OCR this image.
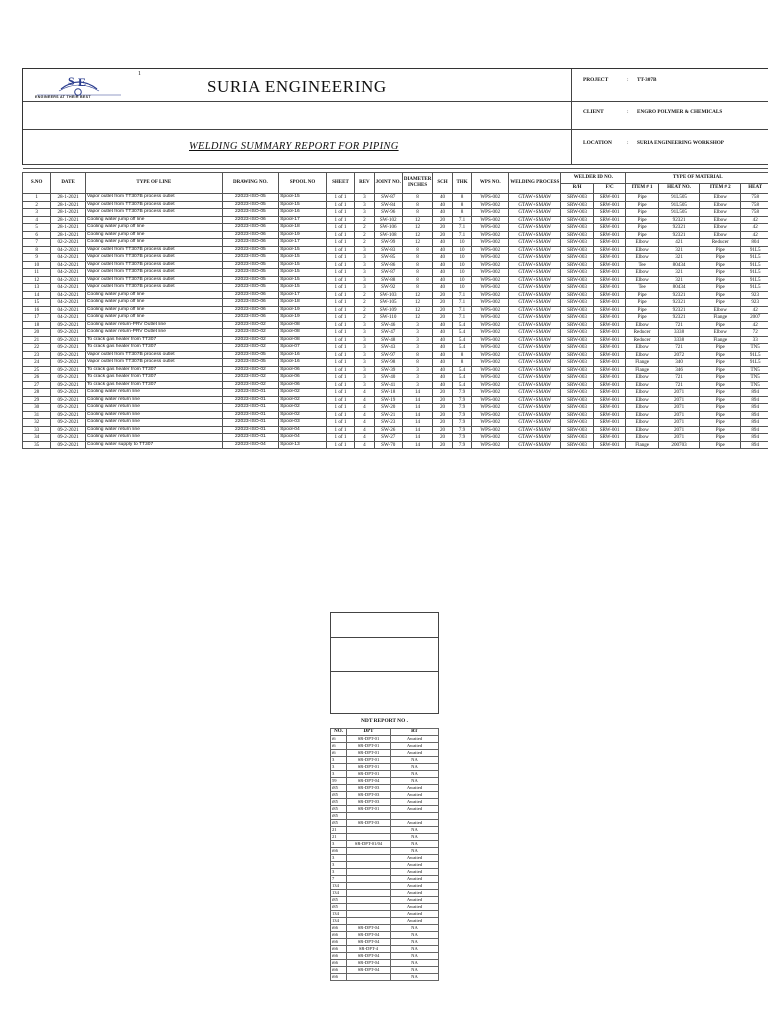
S E
ENGINEERS AT THEIR BEST
1
SURIA ENGINEERING
WELDING SUMMARY REPORT FOR PIPING
PROJECT	: TT-307B
CLIENT	: ENGRO POLYMER & CHEMICALS
LOCATION	: SURIA ENGINEERING WORKSHOP

S.NO	DATE	TYPE OF LINE	DRAWING NO.	SPOOL NO	SHEET	REV	JOINT NO.	DIAMETER INCHES	SCH	THK	WPS NO.	WELDING PROCESS	WELDER ID NO.		TYPE OF MATERIAL			
													R/H	F/C	ITEM # 1	HEAT NO.	ITEM # 2	HEAT
1	28-1-2021	Vapor outlet from TT307B process outlet	22023-ISO-05	Spool-15	1 of 1	3	SW-87	8	40	8	WPS-002	GTAW+SMAW	SRW-003	SRW-001	Pipe	91L505	Elbow	758
2	28-1-2021	Vapor outlet from TT307B process outlet	22023-ISO-05	Spool-15	1 of 1	3	SW-84	8	40	8	WPS-002	GTAW+SMAW	SRW-003	SRW-001	Pipe	91L505	Elbow	758
3	28-1-2021	Vapor outlet from TT307B process outlet	22023-ISO-05	Spool-16	1 of 1	3	SW-96	8	40	8	WPS-002	GTAW+SMAW	SRW-003	SRW-001	Pipe	91L505	Elbow	758
4	28-1-2021	Cooling water jump off line	22023-ISO-06	Spool-17	1 of 1	2	SW-102	12	20	7.1	WPS-002	GTAW+SMAW	SRW-003	SRW-001	Pipe	92321	Elbow	42
5	28-1-2021	Cooling water jump off line	22023-ISO-06	Spool-18	1 of 1	2	SW-106	12	20	7.1	WPS-002	GTAW+SMAW	SRW-003	SRW-001	Pipe	92321	Elbow	42
6	28-1-2021	Cooling water jump off line	22023-ISO-06	Spool-19	1 of 1	2	SW-108	12	20	7.1	WPS-002	GTAW+SMAW	SRW-003	SRW-001	Pipe	92321	Elbow	42
7	02-2-2021	Cooling water jump off line	22023-ISO-06	Spool-17	1 of 1	2	SW-99	12	40	10	WPS-002	GTAW+SMAW	SRW-003	SRW-001	Elbow	421	Reducer	804
8	04-2-2021	Vapor outlet from TT307B process outlet	22023-ISO-05	Spool-15	1 of 1	3	SW-83	8	40	10	WPS-002	GTAW+SMAW	SRW-003	SRW-001	Elbow	321	Pipe	91L5
9	04-2-2021	Vapor outlet from TT307B process outlet	22023-ISO-05	Spool-15	1 of 1	3	SW-85	8	40	10	WPS-002	GTAW+SMAW	SRW-003	SRW-001	Elbow	321	Pipe	91L5
10	04-2-2021	Vapor outlet from TT307B process outlet	22023-ISO-05	Spool-15	1 of 1	3	SW-86	8	40	10	WPS-002	GTAW+SMAW	SRW-003	SRW-001	Tee	80434	Pipe	91L5
11	04-2-2021	Vapor outlet from TT307B process outlet	22023-ISO-05	Spool-15	1 of 1	3	SW-87	8	40	10	WPS-002	GTAW+SMAW	SRW-003	SRW-001	Elbow	321	Pipe	91L5
12	04-2-2021	Vapor outlet from TT307B process outlet	22023-ISO-05	Spool-15	1 of 1	3	SW-88	8	40	10	WPS-002	GTAW+SMAW	SRW-003	SRW-001	Elbow	321	Pipe	91L5
13	04-2-2021	Vapor outlet from TT307B process outlet	22023-ISO-05	Spool-15	1 of 1	3	SW-92	8	40	10	WPS-002	GTAW+SMAW	SRW-003	SRW-001	Tee	80434	Pipe	91L5
14	04-2-2021	Cooling water jump off line	22023-ISO-06	Spool-17	1 of 1	2	SW-103	12	20	7.1	WPS-002	GTAW+SMAW	SRW-003	SRW-001	Pipe	92321	Pipe	923
15	04-2-2021	Cooling water jump off line	22023-ISO-06	Spool-18	1 of 1	2	SW-105	12	20	7.1	WPS-002	GTAW+SMAW	SRW-003	SRW-001	Pipe	92321	Pipe	923
16	04-2-2021	Cooling water jump off line	22023-ISO-06	Spool-19	1 of 1	2	SW-109	12	20	7.1	WPS-002	GTAW+SMAW	SRW-003	SRW-001	Pipe	92321	Elbow	42
17	04-2-2021	Cooling water jump off line	22023-ISO-06	Spool-19	1 of 1	2	SW-110	12	20	7.1	WPS-002	GTAW+SMAW	SRW-003	SRW-001	Pipe	92321	Flange	2007
18	09-2-2021	Cooling water return-PRV Outlet line	22023-ISO-02	Spool-08	1 of 1	3	SW-46	3	40	5.4	WPS-002	GTAW+SMAW	SRW-003	SRW-001	Elbow	721	Pipe	42
20	09-2-2021	Cooling water return-PRV Outlet line	22023-ISO-02	Spool-08	1 of 1	3	SW-47	3	40	5.4	WPS-002	GTAW+SMAW	SRW-003	SRW-001	Reducer	3338	Elbow	72
21	09-2-2021	To crack gas heater from TT307	22023-ISO-02	Spool-08	1 of 1	3	SW-48	3	40	5.4	WPS-002	GTAW+SMAW	SRW-003	SRW-001	Reducer	3338	Flange	33
22	09-2-2021	To crack gas heater from TT307	22023-ISO-02	Spool-07	1 of 1	3	SW-43	3	40	5.4	WPS-002	GTAW+SMAW	SRW-003	SRW-001	Elbow	721	Pipe	TN5
23	09-2-2021	Vapor outlet from TT307B process outlet	22023-ISO-05	Spool-16	1 of 1	3	SW-97	8	40	8	WPS-002	GTAW+SMAW	SRW-003	SRW-001	Elbow	2072	Pipe	91L5
24	09-2-2021	Vapor outlet from TT307B process outlet	22023-ISO-05	Spool-16	1 of 1	3	SW-98	8	40	8	WPS-002	GTAW+SMAW	SRW-003	SRW-001	Flange	340	Pipe	91L5
25	09-2-2021	To crack gas heater from TT307	22023-ISO-02	Spool-06	1 of 1	3	SW-39	3	40	5.4	WPS-002	GTAW+SMAW	SRW-003	SRW-001	Flange	346	Pipe	TN5
26	09-2-2021	To crack gas heater from TT307	22023-ISO-02	Spool-06	1 of 1	3	SW-40	3	40	5.4	WPS-002	GTAW+SMAW	SRW-003	SRW-001	Elbow	721	Pipe	TN5
27	09-2-2021	To crack gas heater from TT307	22023-ISO-02	Spool-06	1 of 1	3	SW-41	3	40	5.4	WPS-002	GTAW+SMAW	SRW-003	SRW-001	Elbow	721	Pipe	TN5
28	09-2-2021	Cooling water return line	22023-ISO-01	Spool-02	1 of 1	4	SW-18	14	20	7.9	WPS-002	GTAW+SMAW	SRW-003	SRW-001	Elbow	2071	Pipe	894
29	09-2-2021	Cooling water return line	22023-ISO-01	Spool-02	1 of 1	4	SW-19	14	20	7.9	WPS-002	GTAW+SMAW	SRW-003	SRW-001	Elbow	2071	Pipe	894
30	09-2-2021	Cooling water return line	22023-ISO-01	Spool-02	1 of 1	4	SW-20	14	20	7.9	WPS-002	GTAW+SMAW	SRW-003	SRW-001	Elbow	2071	Pipe	894
31	09-2-2021	Cooling water return line	22023-ISO-01	Spool-02	1 of 1	4	SW-21	14	20	7.9	WPS-002	GTAW+SMAW	SRW-003	SRW-001	Elbow	2071	Pipe	894
32	09-2-2021	Cooling water return line	22023-ISO-01	Spool-03	1 of 1	4	SW-23	14	20	7.9	WPS-002	GTAW+SMAW	SRW-003	SRW-001	Elbow	2071	Pipe	894
33	09-2-2021	Cooling water return line	22023-ISO-01	Spool-04	1 of 1	4	SW-26	14	20	7.9	WPS-002	GTAW+SMAW	SRW-003	SRW-001	Elbow	2071	Pipe	894
34	09-2-2021	Cooling water return line	22023-ISO-01	Spool-04	1 of 1	4	SW-27	14	20	7.9	WPS-002	GTAW+SMAW	SRW-003	SRW-001	Elbow	2071	Pipe	894
35	09-2-2021	Cooling water supply to TT307	22023-ISO-04	Spool-13	1 of 1	4	SW-70	14	20	7.9	WPS-002	GTAW+SMAW	SRW-003	SRW-001	Flange	200703	Pipe	894
NDT REPORT NO .		
NO.	DPT	RT
i6	SR-DPT-01	Awaited
i6	SR-DPT-01	Awaited
i6	SR-DPT-01	Awaited
3	SR-DPT-01	NA
3	SR-DPT-01	NA
3	SR-DPT-01	NA
59	SR-DPT-04	NA
i85	SR-DPT-03	Awaited
i85	SR-DPT-03	Awaited
i85	SR-DPT-03	Awaited
i85	SR-DPT-01	Awaited
i85		
i85	SR-DPT-03	Awaited
21		NA
21		NA
3	SR-DPT-01/04	NA
i66		NA
3		Awaited
3		Awaited
3		Awaited
7		Awaited
134		Awaited
134		Awaited
i85		Awaited
i85		Awaited
134		Awaited
134		Awaited
i66	SR-DPT-04	NA
i66	SR-DPT-04	NA
i66	SR-DPT-04	NA
i66	SR-DPT-4	NA
i66	SR-DPT-04	NA
i66	SR-DPT-04	NA
i66	SR-DPT-04	NA
i66		NA
